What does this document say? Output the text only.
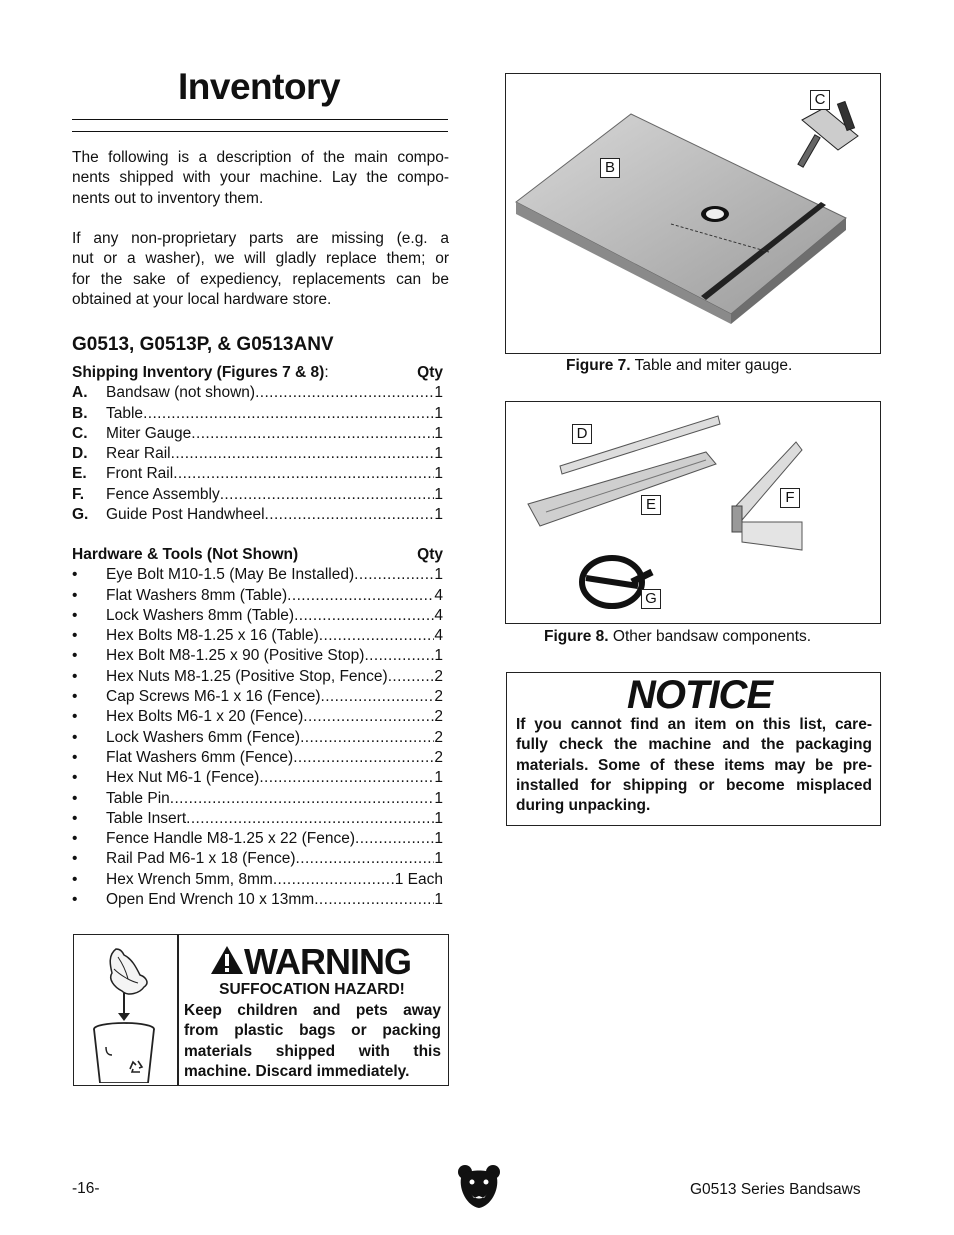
Inventory
The following is a description of the main compo-
nents shipped with your machine. Lay the compo-
nents out to inventory them.
If any non-proprietary parts are missing (e.g. a
nut or a washer), we will gladly replace them; or
for the sake of expediency, replacements can be
obtained at your local hardware store.
G0513, G0513P, & G0513ANV
Shipping Inventory (Figures 7 & 8):	Qty
A.	Bandsaw (not shown) .....	1
B.	Table .....	1
C.	Miter Gauge .....	1
D.	Rear Rail .....	1
E.	Front Rail .....	1
F.	Fence Assembly .....	1
G.	Guide Post Handwheel .....	1
Hardware & Tools (Not Shown)	Qty
•	Eye Bolt M10-1.5 (May Be Installed) .....	1
•	Flat Washers 8mm (Table) .....	4
•	Lock Washers 8mm (Table) .....	4
•	Hex Bolts M8-1.25 x 16 (Table) .....	4
•	Hex Bolt M8-1.25 x 90 (Positive Stop) .....	1
•	Hex Nuts M8-1.25 (Positive Stop, Fence) .....	2
•	Cap Screws M6-1 x 16 (Fence) .....	2
•	Hex Bolts M6-1 x 20 (Fence) .....	2
•	Lock Washers 6mm (Fence) .....	2
•	Flat Washers 6mm (Fence) .....	2
•	Hex Nut M6-1 (Fence) .....	1
•	Table Pin .....	1
•	Table Insert .....	1
•	Fence Handle M8-1.25 x 22 (Fence) .....	1
•	Rail Pad M6-1 x 18 (Fence) .....	1
•	Hex Wrench 5mm, 8mm .....	1 Each
•	Open End Wrench 10 x 13mm .....	1
WARNING
SUFFOCATION HAZARD!
Keep children and pets away
from plastic bags or packing
materials shipped with this
machine. Discard immediately.
B
C
Figure 7. Table and miter gauge.
D
E	F
G
Figure 8. Other bandsaw components.
NOTICE
If you cannot find an item on this list, care-
fully check the machine and the packaging
materials. Some of these items may be pre-
installed for shipping or become misplaced
during unpacking.
-16-	G0513 Series Bandsaws
